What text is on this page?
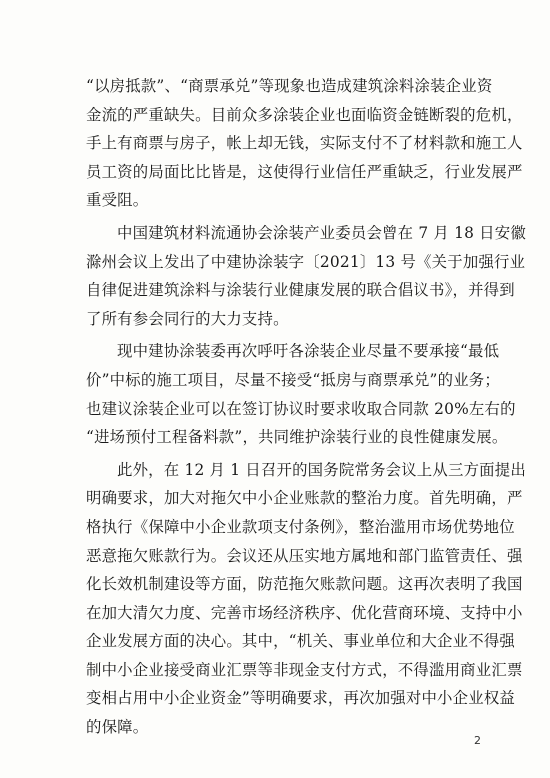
“以房抵款”、“商票承兑”等现象也造成建筑涂料涂装企业资
金流的严重缺失。目前众多涂装企业也面临资金链断裂的危机，
手上有商票与房子，帐上却无钱，实际支付不了材料款和施工人
员工资的局面比比皆是，这使得行业信任严重缺乏，行业发展严
重受阻。

中国建筑材料流通协会涂装产业委员会曾在 7 月 18 日安徽
滁州会议上发出了中建协涂装字〔2021〕13 号《关于加强行业
自律促进建筑涂料与涂装行业健康发展的联合倡议书》，并得到
了所有参会同行的大力支持。

现中建协涂装委再次呼吁各涂装企业尽量不要承接“最低
价”中标的施工项目，尽量不接受“抵房与商票承兑”的业务；
也建议涂装企业可以在签订协议时要求收取合同款 20%左右的
“进场预付工程备料款”，共同维护涂装行业的良性健康发展。

此外，在 12 月 1 日召开的国务院常务会议上从三方面提出
明确要求，加大对拖欠中小企业账款的整治力度。首先明确，严
格执行《保障中小企业款项支付条例》，整治滥用市场优势地位
恶意拖欠账款行为。会议还从压实地方属地和部门监管责任、强
化长效机制建设等方面，防范拖欠账款问题。这再次表明了我国
在加大清欠力度、完善市场经济秩序、优化营商环境、支持中小
企业发展方面的决心。其中，“机关、事业单位和大企业不得强
制中小企业接受商业汇票等非现金支付方式，不得滥用商业汇票
变相占用中小企业资金”等明确要求，再次加强对中小企业权益
的保障。

2
